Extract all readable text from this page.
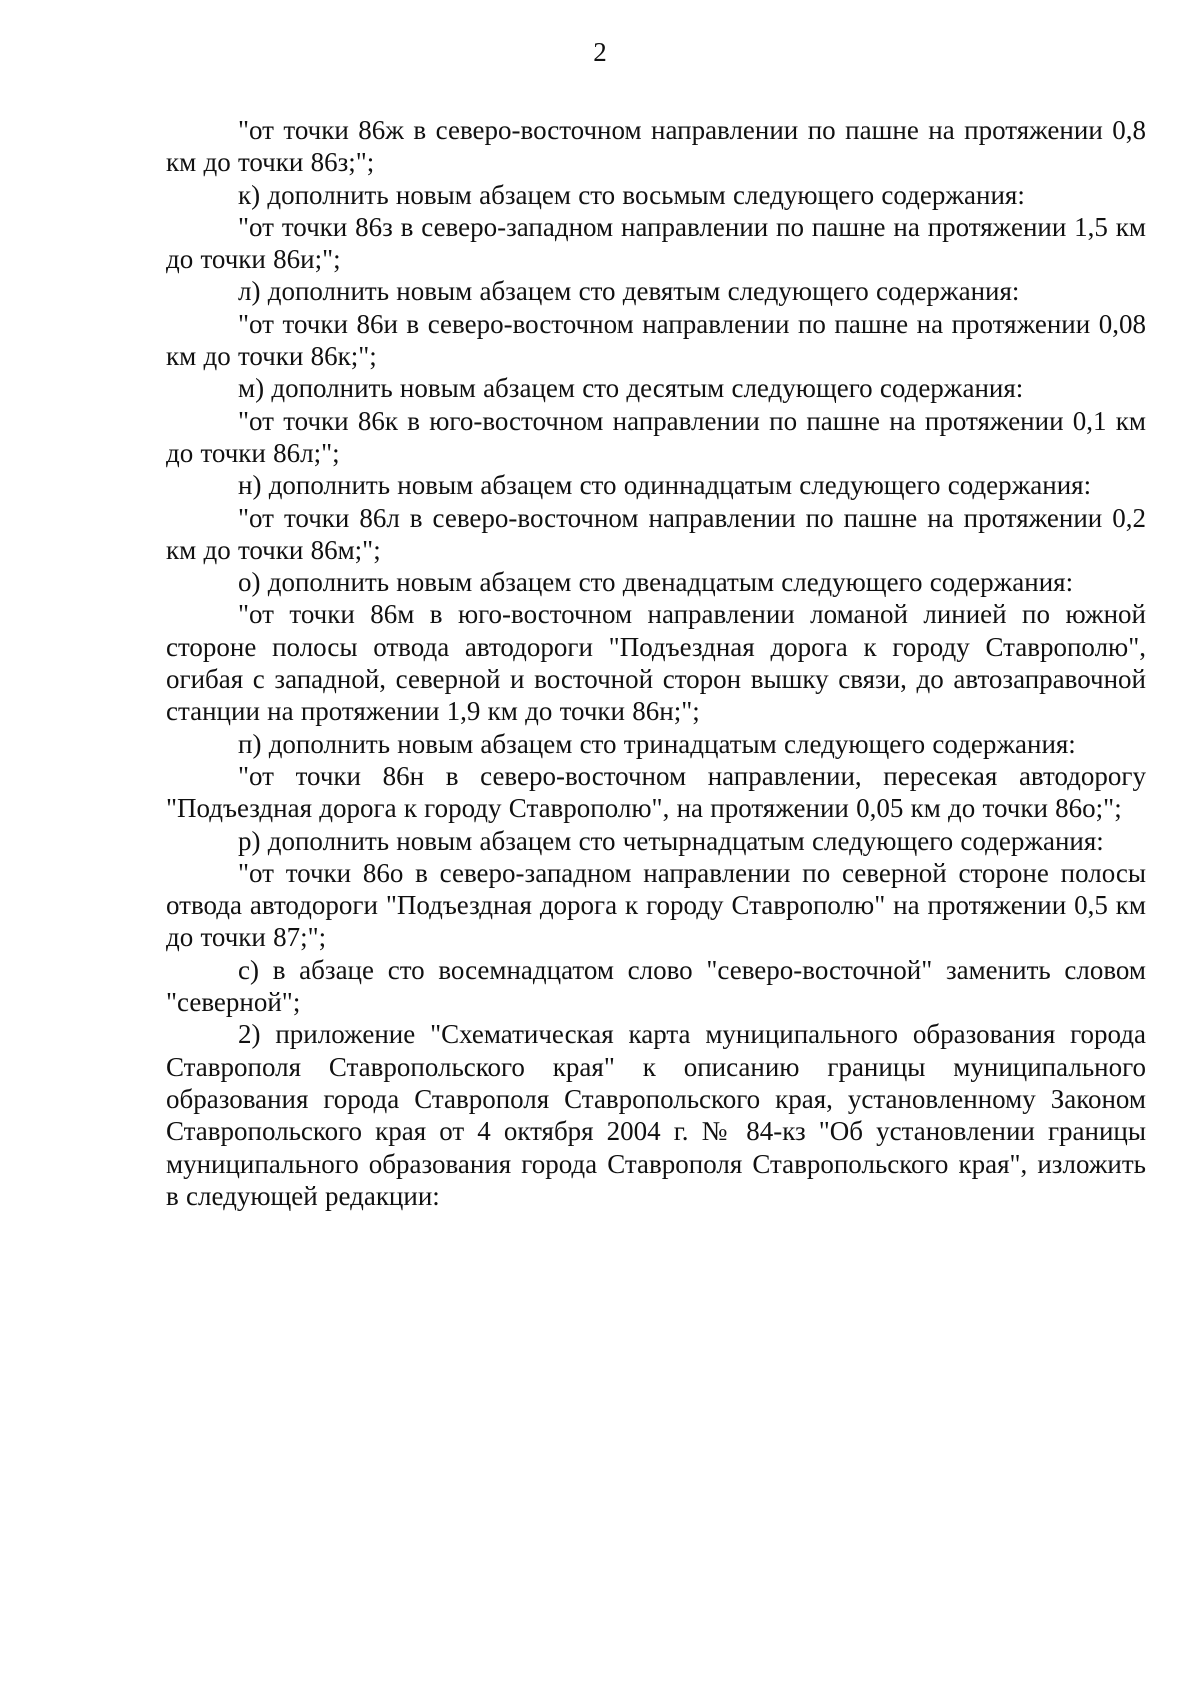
2

"от точки 86ж в северо-восточном направлении по пашне на протяжении 0,8 км до точки 86з;";

к) дополнить новым абзацем сто восьмым следующего содержания:

"от точки 86з в северо-западном направлении по пашне на протяжении 1,5 км до точки 86и;";

л) дополнить новым абзацем сто девятым следующего содержания:

"от точки 86и в северо-восточном направлении по пашне на протяжении 0,08 км до точки 86к;";

м) дополнить новым абзацем сто десятым следующего содержания:

"от точки 86к в юго-восточном направлении по пашне на протяжении 0,1 км до точки 86л;";

н) дополнить новым абзацем сто одиннадцатым следующего содержания:

"от точки 86л в северо-восточном направлении по пашне на протяжении 0,2 км до точки 86м;";

о) дополнить новым абзацем сто двенадцатым следующего содержания:

"от точки 86м в юго-восточном направлении ломаной линией по южной стороне полосы отвода автодороги "Подъездная дорога к городу Ставрополю", огибая с западной, северной и восточной сторон вышку связи, до автозаправочной станции на протяжении 1,9 км до точки 86н;";

п) дополнить новым абзацем сто тринадцатым следующего содержания:

"от точки 86н в северо-восточном направлении, пересекая автодорогу "Подъездная дорога к городу Ставрополю", на протяжении 0,05 км до точки 86о;";

р) дополнить новым абзацем сто четырнадцатым следующего содержания:

"от точки 86о в северо-западном направлении по северной стороне полосы отвода автодороги "Подъездная дорога к городу Ставрополю" на протяжении 0,5 км до точки 87;";

с) в абзаце сто восемнадцатом слово "северо-восточной" заменить словом "северной";

2) приложение "Схематическая карта муниципального образования города Ставрополя Ставропольского края" к описанию границы муниципального образования города Ставрополя Ставропольского края, установленному Законом Ставропольского края от 4 октября 2004 г. № 84-кз "Об установлении границы муниципального образования города Ставрополя Ставропольского края", изложить в следующей редакции:
